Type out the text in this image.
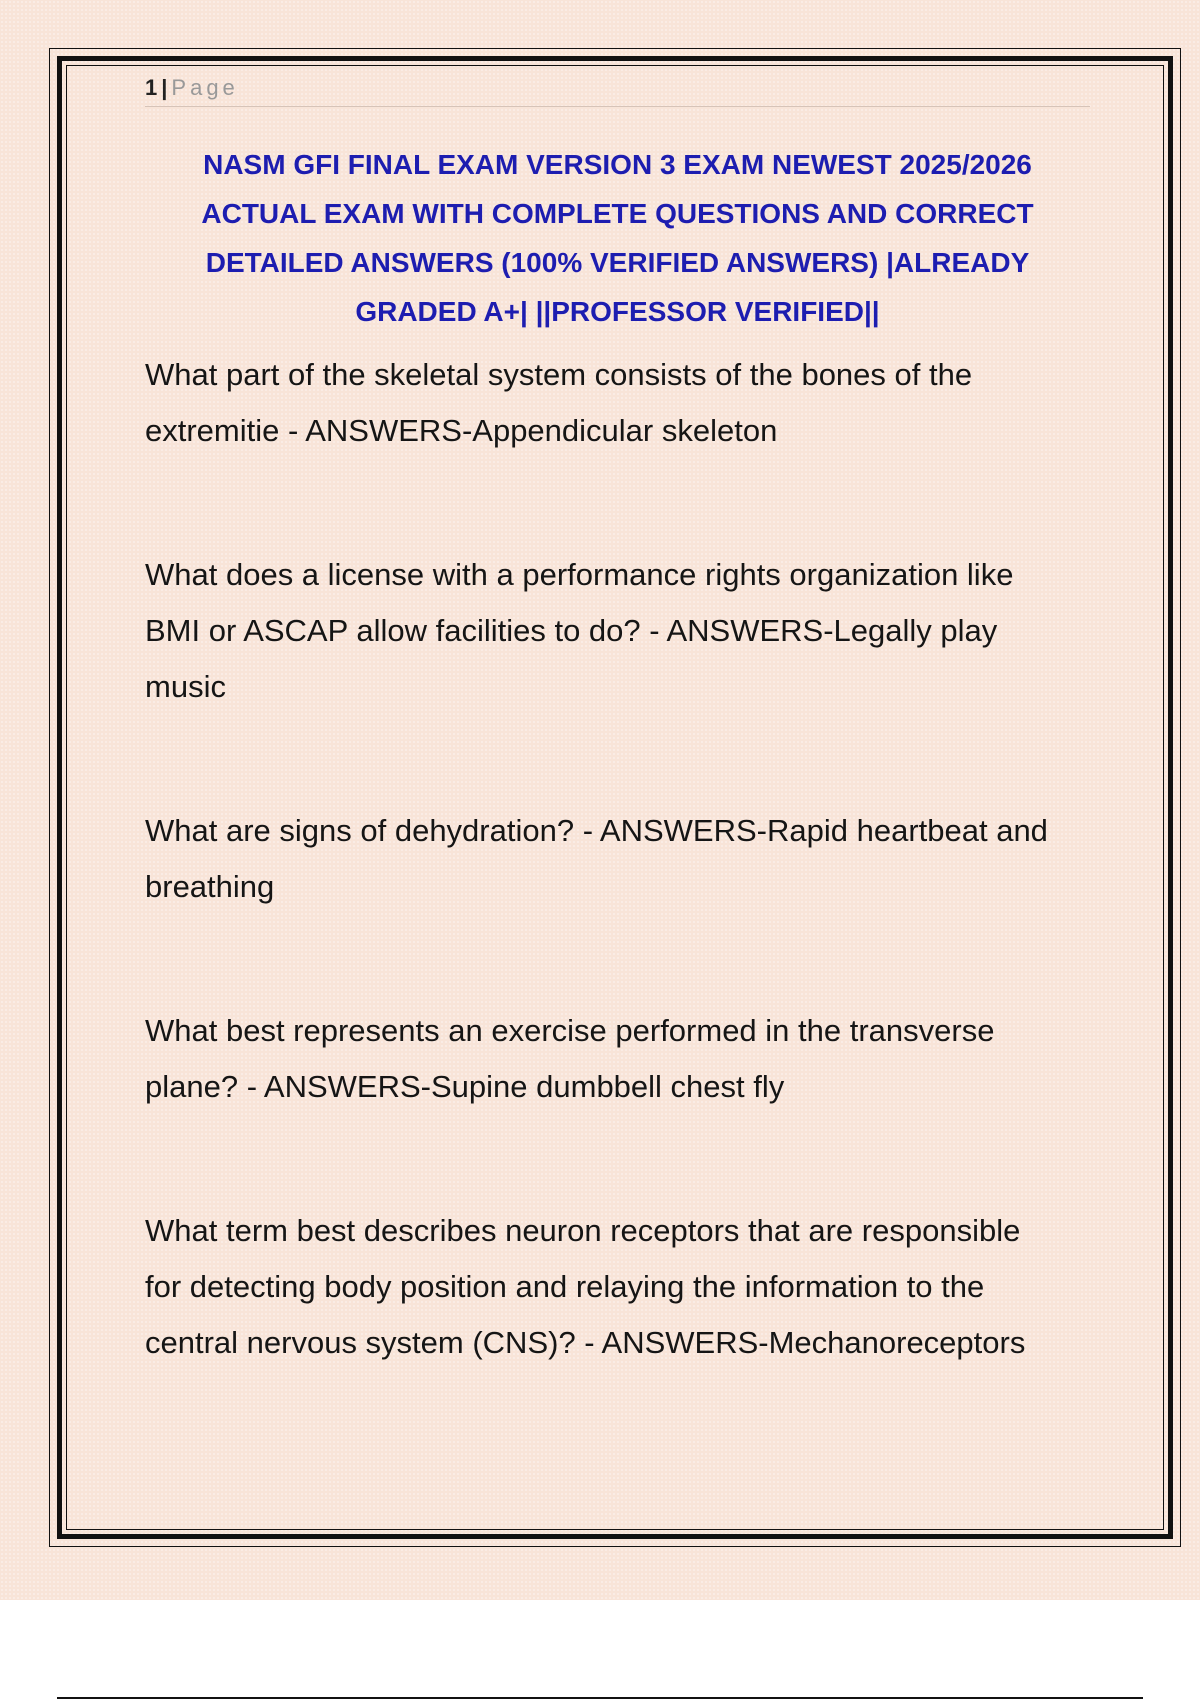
1 | Page
NASM GFI FINAL EXAM VERSION 3 EXAM NEWEST 2025/2026
ACTUAL EXAM WITH COMPLETE QUESTIONS AND CORRECT
DETAILED ANSWERS (100% VERIFIED ANSWERS) |ALREADY
GRADED A+| ||PROFESSOR VERIFIED||
What part of the skeletal system consists of the bones of the
extremitie - ANSWERS-Appendicular skeleton
What does a license with a performance rights organization like
BMI or ASCAP allow facilities to do? - ANSWERS-Legally play
music
What are signs of dehydration? - ANSWERS-Rapid heartbeat and
breathing
What best represents an exercise performed in the transverse
plane? - ANSWERS-Supine dumbbell chest fly
What term best describes neuron receptors that are responsible
for detecting body position and relaying the information to the
central nervous system (CNS)? - ANSWERS-Mechanoreceptors
